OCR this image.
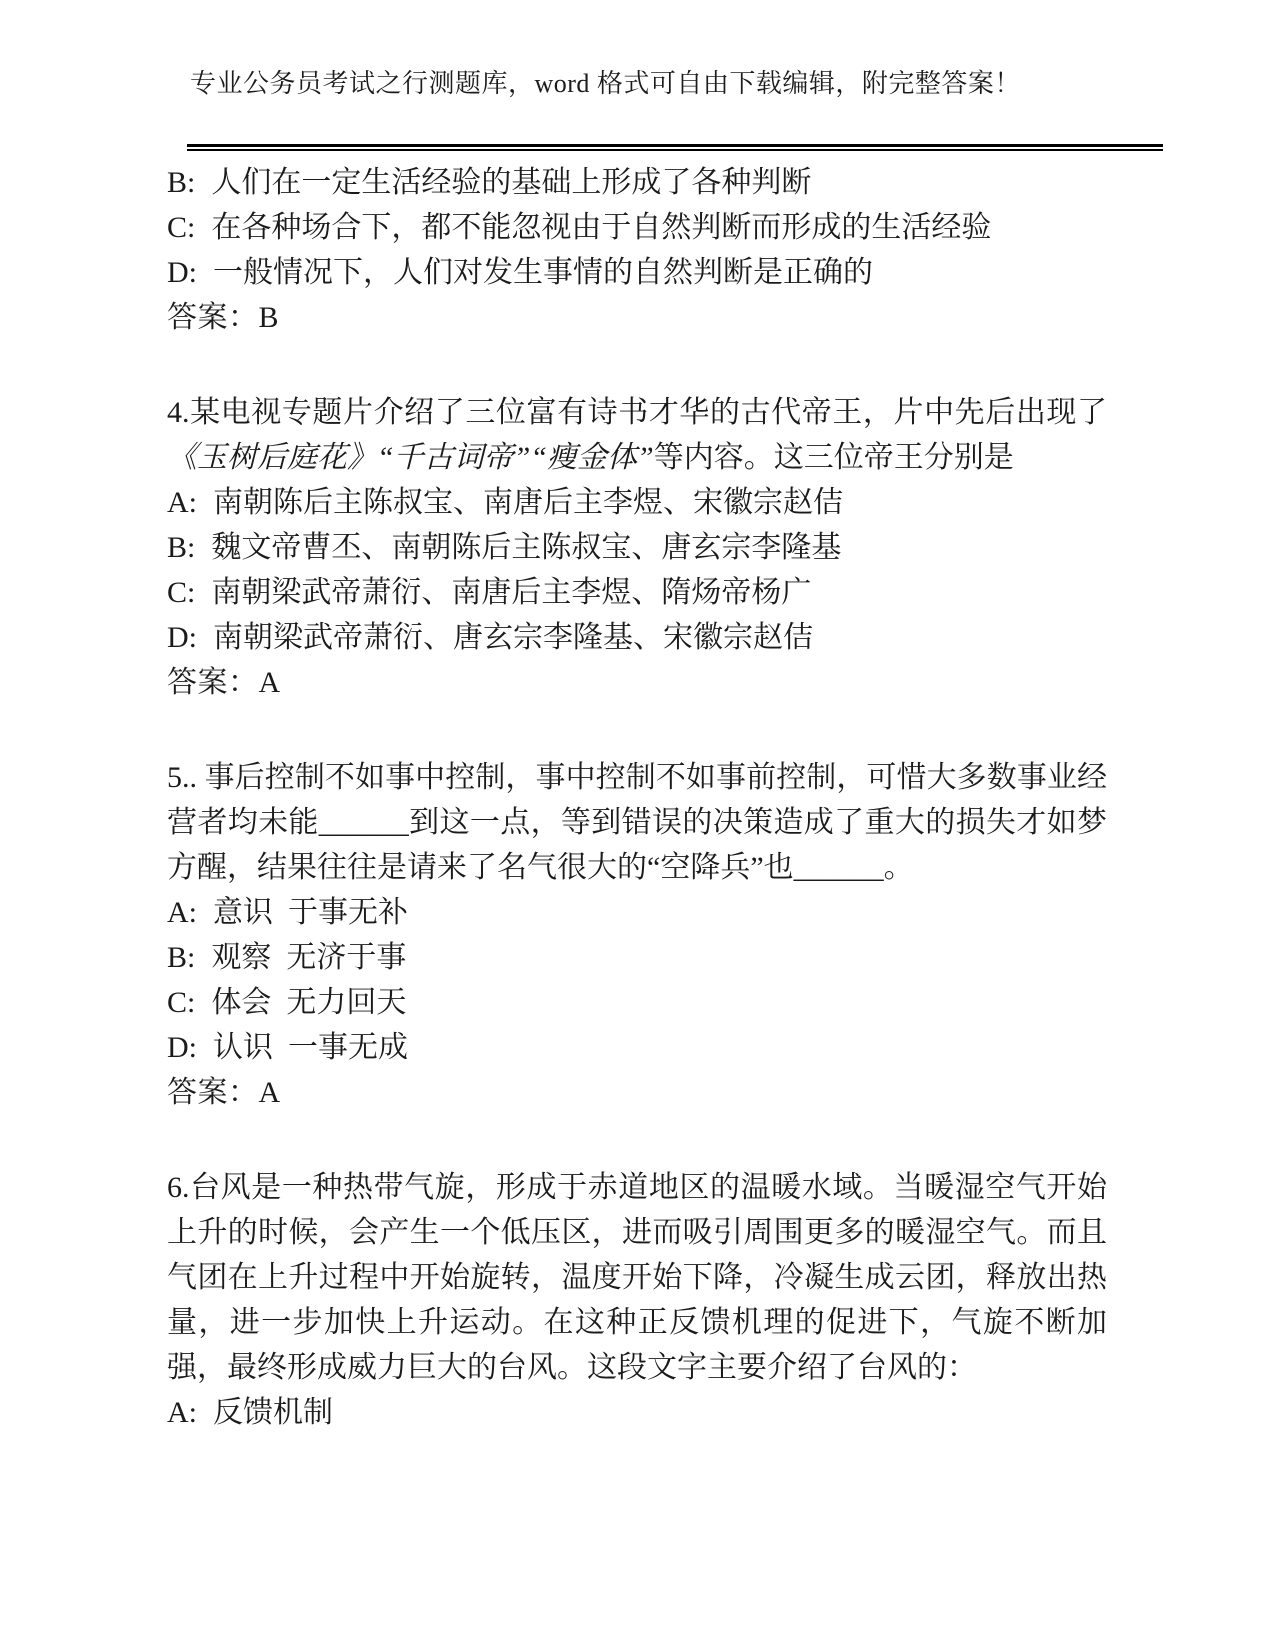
专业公务员考试之行测题库，word 格式可自由下载编辑，附完整答案！

B: 人们在一定生活经验的基础上形成了各种判断

C: 在各种场合下，都不能忽视由于自然判断而形成的生活经验

D: 一般情况下，人们对发生事情的自然判断是正确的

答案：B

4.某电视专题片介绍了三位富有诗书才华的古代帝王，片中先后出现了《玉树后庭花》“千古词帝”“瘦金体”等内容。这三位帝王分别是

A: 南朝陈后主陈叔宝、南唐后主李煜、宋徽宗赵佶

B: 魏文帝曹丕、南朝陈后主陈叔宝、唐玄宗李隆基

C: 南朝梁武帝萧衍、南唐后主李煜、隋炀帝杨广

D: 南朝梁武帝萧衍、唐玄宗李隆基、宋徽宗赵佶

答案：A

5.. 事后控制不如事中控制，事中控制不如事前控制，可惜大多数事业经营者均未能______到这一点，等到错误的决策造成了重大的损失才如梦方醒，结果往往是请来了名气很大的“空降兵”也______。

A: 意识 于事无补

B: 观察 无济于事

C: 体会 无力回天

D: 认识 一事无成

答案：A

6.台风是一种热带气旋，形成于赤道地区的温暖水域。当暖湿空气开始上升的时候，会产生一个低压区，进而吸引周围更多的暖湿空气。而且气团在上升过程中开始旋转，温度开始下降，冷凝生成云团，释放出热量，进一步加快上升运动。在这种正反馈机理的促进下，气旋不断加强，最终形成威力巨大的台风。这段文字主要介绍了台风的：

A: 反馈机制
